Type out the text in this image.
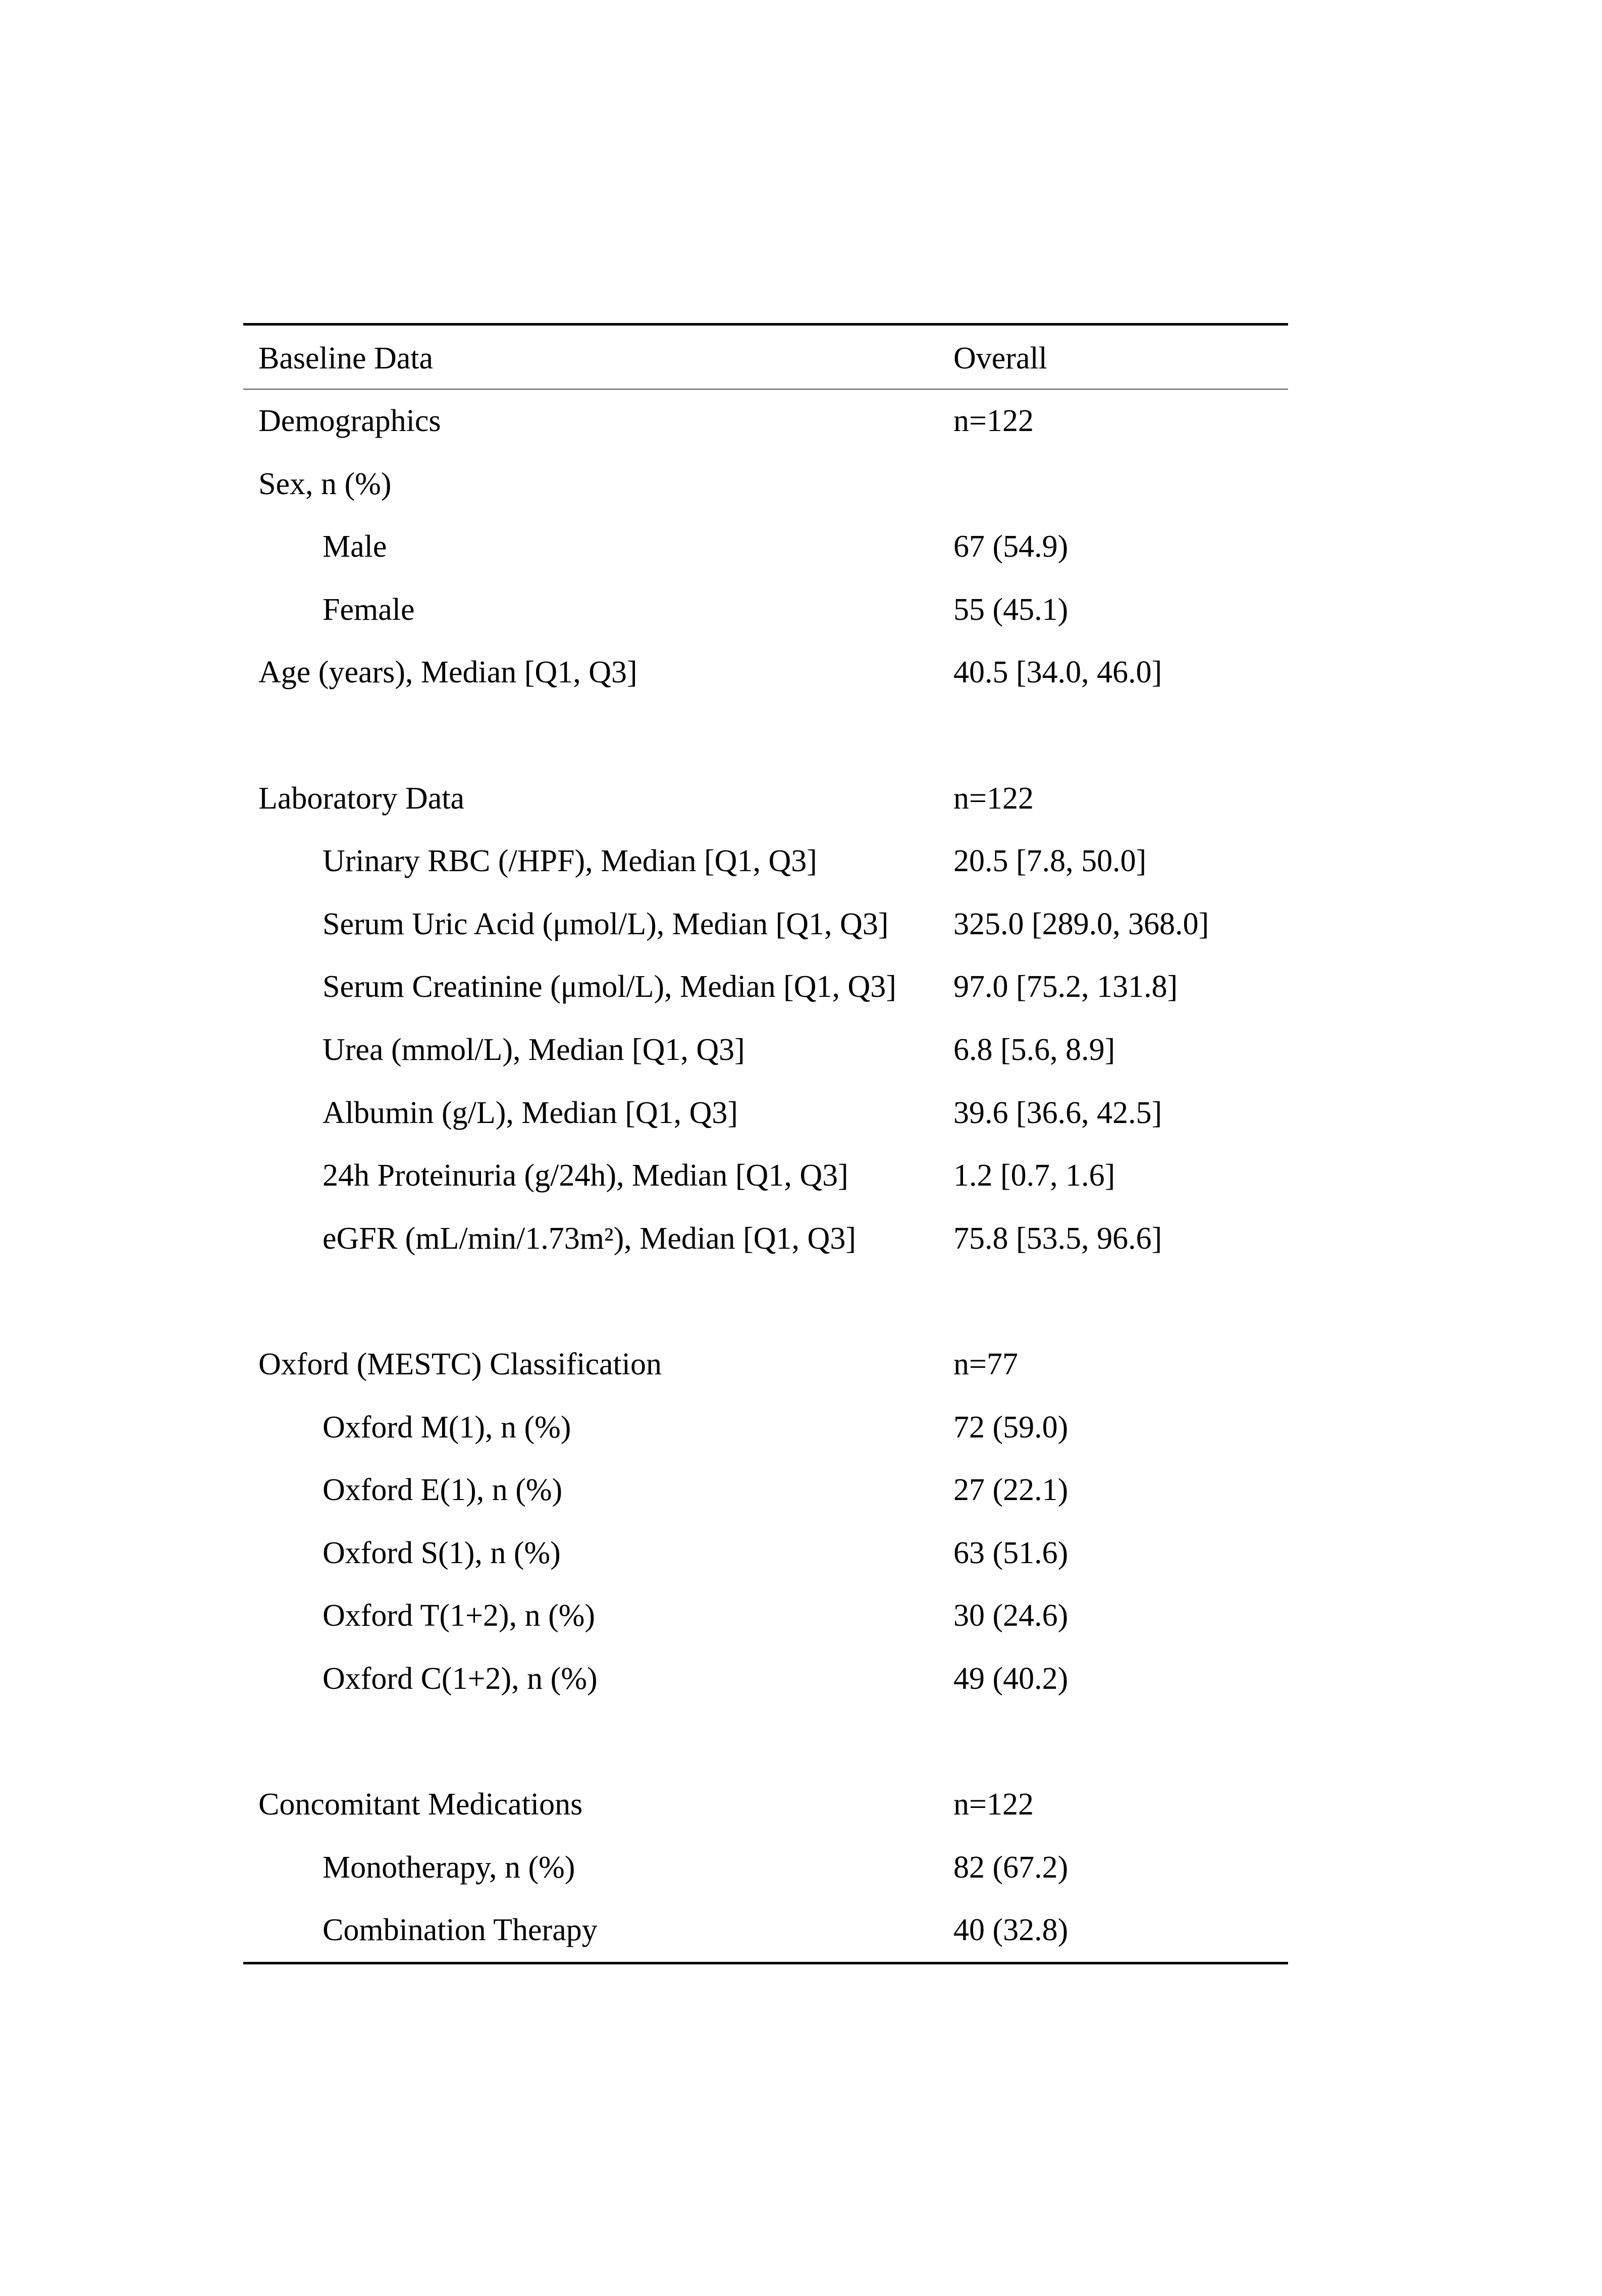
Baseline Data	Overall
Demographics	n=122
Sex, n (%)
Male	67 (54.9)
Female	55 (45.1)
Age (years), Median [Q1, Q3]	40.5 [34.0, 46.0]
Laboratory Data	n=122
Urinary RBC (/HPF), Median [Q1, Q3]	20.5 [7.8, 50.0]
Serum Uric Acid (μmol/L), Median [Q1, Q3] 325.0 [289.0, 368.0]
Serum Creatinine (μmol/L), Median [Q1, Q3] 97.0 [75.2, 131.8]
Urea (mmol/L), Median [Q1, Q3]	6.8 [5.6, 8.9]
Albumin (g/L), Median [Q1, Q3]	39.6 [36.6, 42.5]
24h Proteinuria (g/24h), Median [Q1, Q3]	1.2 [0.7, 1.6]
eGFR (mL/min/1.73m²), Median [Q1, Q3]	75.8 [53.5, 96.6]
Oxford (MESTC) Classification	n=77
Oxford M(1), n (%)	72 (59.0)
Oxford E(1), n (%)	27 (22.1)
Oxford S(1), n (%)	63 (51.6)
Oxford T(1+2), n (%)	30 (24.6)
Oxford C(1+2), n (%)	49 (40.2)
Concomitant Medications	n=122
Monotherapy, n (%)	82 (67.2)
Combination Therapy	40 (32.8)
